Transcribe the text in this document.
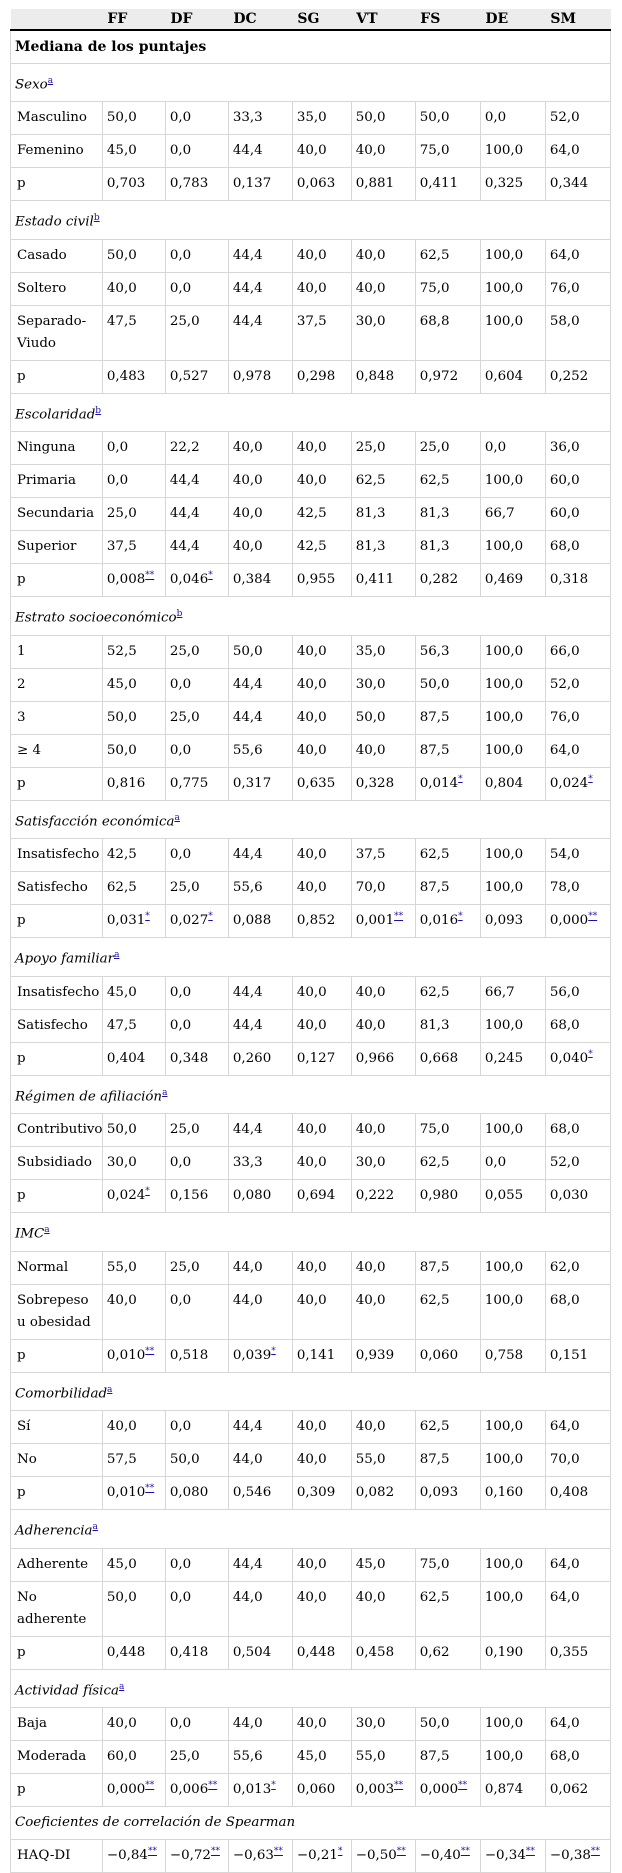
	FF	DF	DC	SG	VT	FS	DE	SM
Mediana de los puntajes								
Sexo$^a$
Masculino	50,0	0,0	33,3	35,0	50,0	50,0	0,0	52,0
Femenino	45,0	0,0	44,4	40,0	40,0	75,0	100,0	64,0
p	0,703	0,783	0,137	0,063	0,881	0,411	0,325	0,344
Estado civil$^b$
Casado	50,0	0,0	44,4	40,0	40,0	62,5	100,0	64,0
Soltero	40,0	0,0	44,4	40,0	40,0	75,0	100,0	76,0
Separado-Viudo	47,5	25,0	44,4	37,5	30,0	68,8	100,0	58,0
p	0,483	0,527	0,978	0,298	0,848	0,972	0,604	0,252
Escolaridad$^b$
Ninguna	0,0	22,2	40,0	40,0	25,0	25,0	0,0	36,0
Primaria	0,0	44,4	40,0	40,0	62,5	62,5	100,0	60,0
Secundaria	25,0	44,4	40,0	42,5	81,3	81,3	66,7	60,0
Superior	37,5	44,4	40,0	42,5	81,3	81,3	100,0	68,0
p	0,008**	0,046*	0,384	0,955	0,411	0,282	0,469	0,318
Estrato socioeconómico$^b$
1	52,5	25,0	50,0	40,0	35,0	56,3	100,0	66,0
2	45,0	0,0	44,4	40,0	30,0	50,0	100,0	52,0
3	50,0	25,0	44,4	40,0	50,0	87,5	100,0	76,0
≥ 4	50,0	0,0	55,6	40,0	40,0	87,5	100,0	64,0
p	0,816	0,775	0,317	0,635	0,328	0,014*	0,804	0,024*
Satisfacción económica$^a$
Insatisfecho	42,5	0,0	44,4	40,0	37,5	62,5	100,0	54,0
Satisfecho	62,5	25,0	55,6	40,0	70,0	87,5	100,0	78,0
p	0,031*	0,027*	0,088	0,852	0,001**	0,016*	0,093	0,000**
Apoyo familiar$^a$
Insatisfecho	45,0	0,0	44,4	40,0	40,0	62,5	66,7	56,0
Satisfecho	47,5	0,0	44,4	40,0	40,0	81,3	100,0	68,0
p	0,404	0,348	0,260	0,127	0,966	0,668	0,245	0,040*
Régimen de afiliación$^a$
Contributivo	50,0	25,0	44,4	40,0	40,0	75,0	100,0	68,0
Subsidiado	30,0	0,0	33,3	40,0	30,0	62,5	0,0	52,0
p	0,024*	0,156	0,080	0,694	0,222	0,980	0,055	0,030
IMC$^a$
Normal	55,0	25,0	44,0	40,0	40,0	87,5	100,0	62,0
Sobrepeso u obesidad	40,0	0,0	44,0	40,0	40,0	62,5	100,0	68,0
p	0,010**	0,518	0,039*	0,141	0,939	0,060	0,758	0,151
Comorbilidad$^a$
Sí	40,0	0,0	44,4	40,0	40,0	62,5	100,0	64,0
No	57,5	50,0	44,0	40,0	55,0	87,5	100,0	70,0
p	0,010**	0,080	0,546	0,309	0,082	0,093	0,160	0,408
Adherencia$^a$
Adherente	45,0	0,0	44,4	40,0	45,0	75,0	100,0	64,0
No adherente	50,0	0,0	44,0	40,0	40,0	62,5	100,0	64,0
p	0,448	0,418	0,504	0,448	0,458	0,62	0,190	0,355
Actividad física$^a$
Baja	40,0	0,0	44,0	40,0	30,0	50,0	100,0	64,0
Moderada	60,0	25,0	55,6	45,0	55,0	87,5	100,0	68,0
p	0,000**	0,006**	0,013*	0,060	0,003**	0,000**	0,874	0,062
Coeficientes de correlación de Spearman								
HAQ-DI	−0,84**	−0,72**	−0,63**	−0,21*	−0,50**	−0,40**	−0,34**	−0,38**
